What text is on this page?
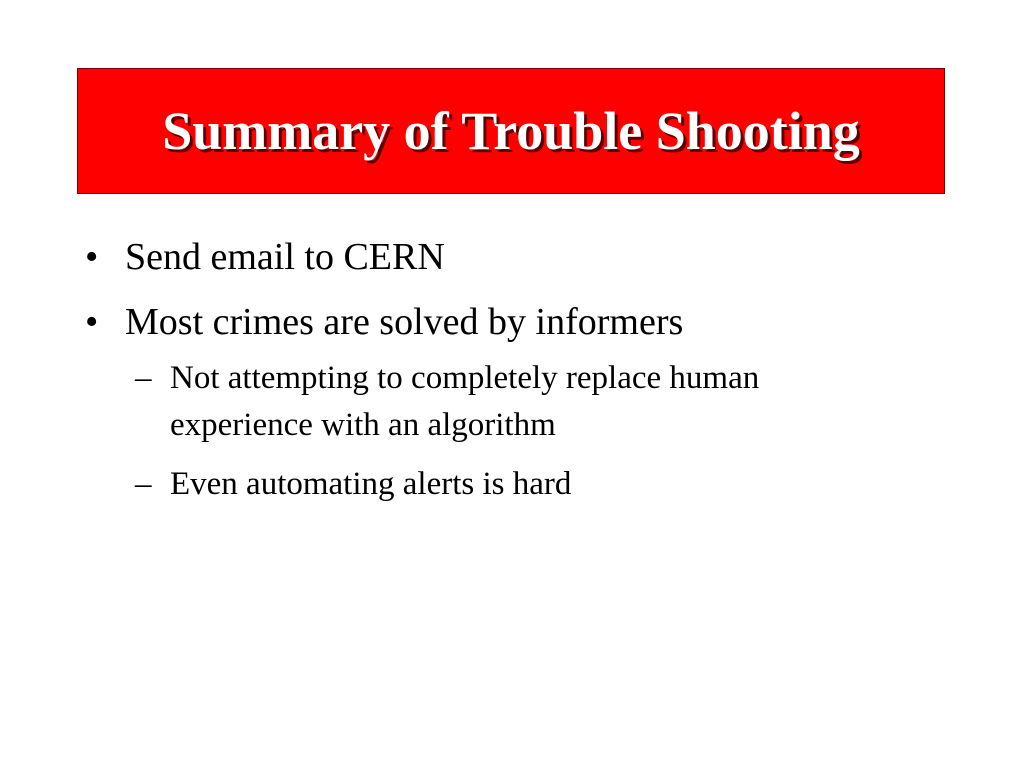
Summary of Trouble Shooting
• Send email to CERN
• Most crimes are solved by informers
– Not attempting to completely replace human experience with an algorithm
– Even automating alerts is hard
